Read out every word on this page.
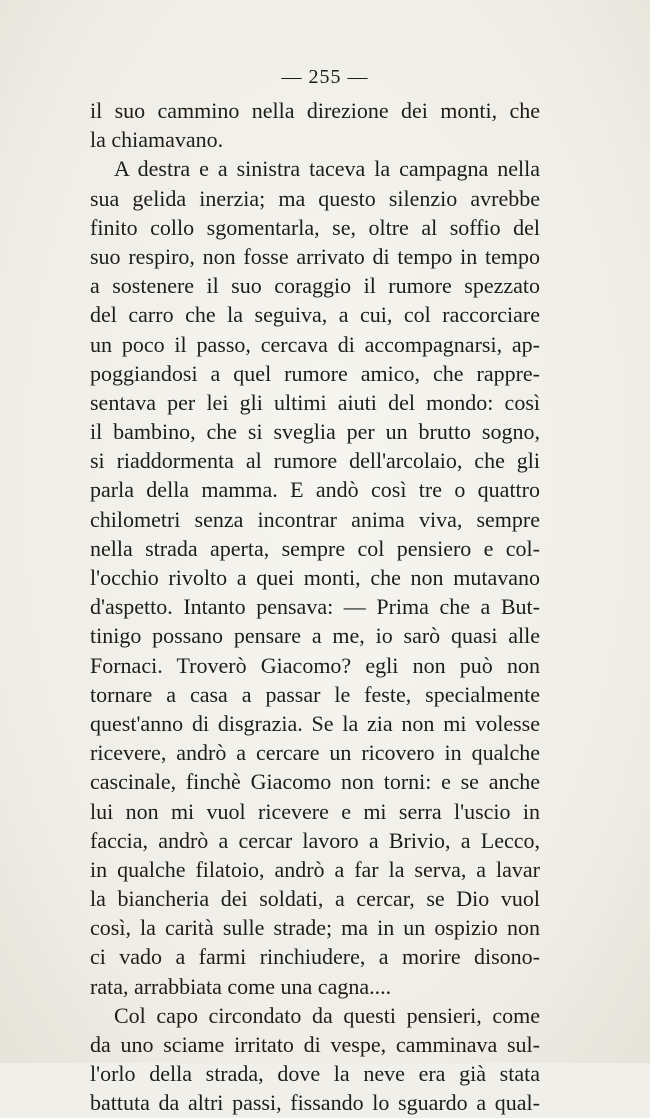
— 255 —
il suo cammino nella direzione dei monti, che
la chiamavano.
A destra e a sinistra taceva la campagna nella
sua gelida inerzia; ma questo silenzio avrebbe
finito collo sgomentarla, se, oltre al soffio del
suo respiro, non fosse arrivato di tempo in tempo
a sostenere il suo coraggio il rumore spezzato
del carro che la seguiva, a cui, col raccorciare
un poco il passo, cercava di accompagnarsi, ap-
poggiandosi a quel rumore amico, che rappre-
sentava per lei gli ultimi aiuti del mondo: così
il bambino, che si sveglia per un brutto sogno,
si riaddormenta al rumore dell'arcolaio, che gli
parla della mamma. E andò così tre o quattro
chilometri senza incontrar anima viva, sempre
nella strada aperta, sempre col pensiero e col-
l'occhio rivolto a quei monti, che non mutavano
d'aspetto. Intanto pensava: — Prima che a But-
tinigo possano pensare a me, io sarò quasi alle
Fornaci. Troverò Giacomo? egli non può non
tornare a casa a passar le feste, specialmente
quest'anno di disgrazia. Se la zia non mi volesse
ricevere, andrò a cercare un ricovero in qualche
cascinale, finchè Giacomo non torni: e se anche
lui non mi vuol ricevere e mi serra l'uscio in
faccia, andrò a cercar lavoro a Brivio, a Lecco,
in qualche filatoio, andrò a far la serva, a lavar
la biancheria dei soldati, a cercar, se Dio vuol
così, la carità sulle strade; ma in un ospizio non
ci vado a farmi rinchiudere, a morire disono-
rata, arrabbiata come una cagna....
Col capo circondato da questi pensieri, come
da uno sciame irritato di vespe, camminava sul-
l'orlo della strada, dove la neve era già stata
battuta da altri passi, fissando lo sguardo a qual-
